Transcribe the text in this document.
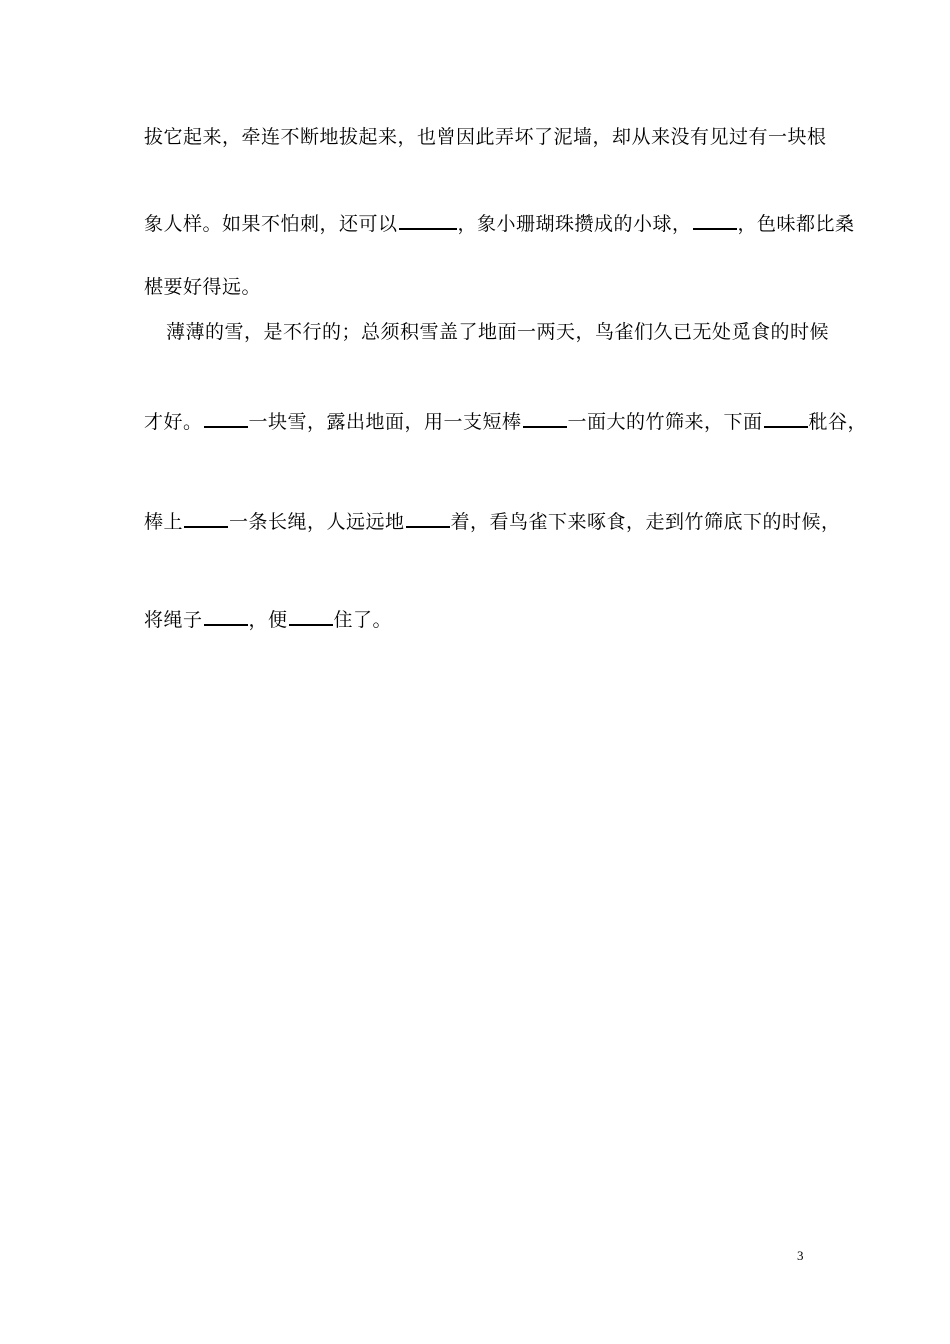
拔它起来，牵连不断地拔起来，也曾因此弄坏了泥墙，却从来没有见过有一块根
象人样。如果不怕刺，还可以	，象小珊瑚珠攒成的小球， ，色味都比桑
椹要好得远。
薄薄的雪，是不行的；总须积雪盖了地面一两天，鸟雀们久已无处觅食的时候
才好。 一块雪，露出地面，用一支短棒 一面大的竹筛来，下面 秕谷，
棒上 一条长绳，人远远地 着，看鸟雀下来啄食，走到竹筛底下的时候，
将绳子 ，便 住了。
3
